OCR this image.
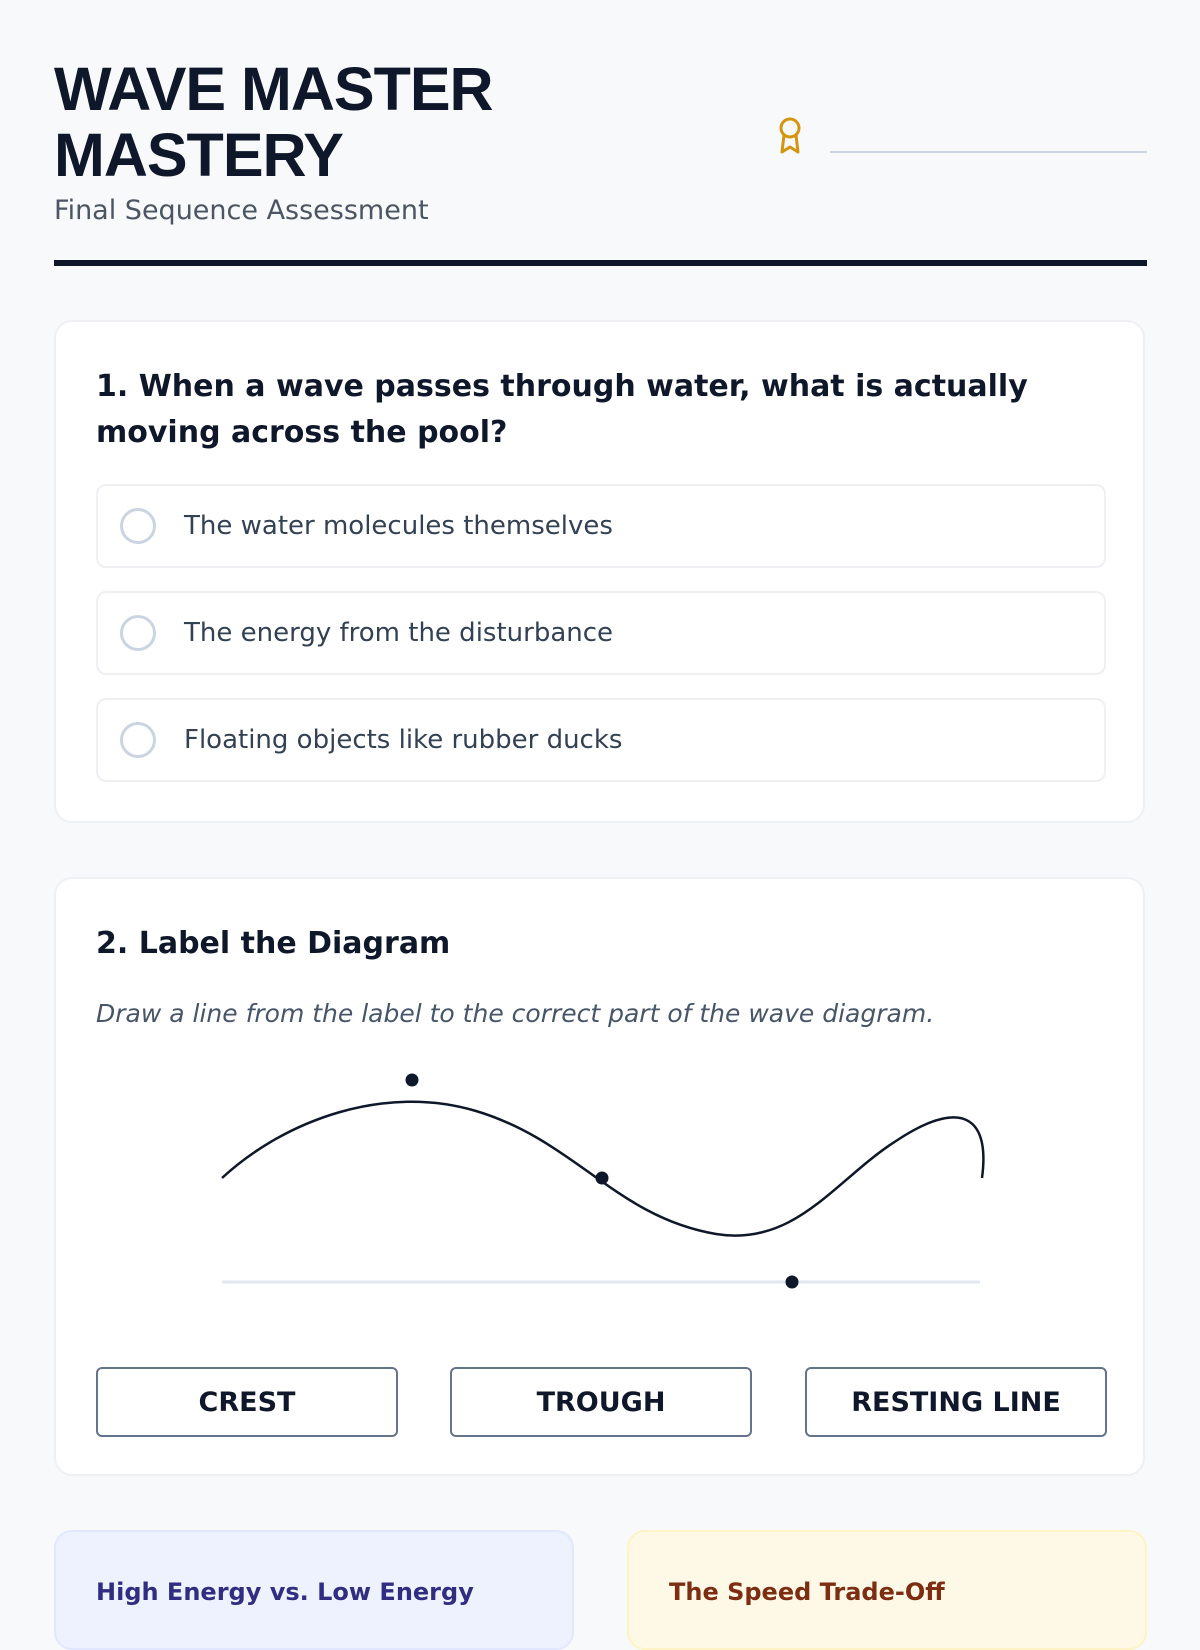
WAVE MASTER MASTERY
Final Sequence Assessment
1. When a wave passes through water, what is actually moving across the pool?
The water molecules themselves
The energy from the disturbance
Floating objects like rubber ducks
2. Label the Diagram
Draw a line from the label to the correct part of the wave diagram.
CREST	TROUGH	RESTING LINE
High Energy vs. Low Energy	The Speed Trade-Off
